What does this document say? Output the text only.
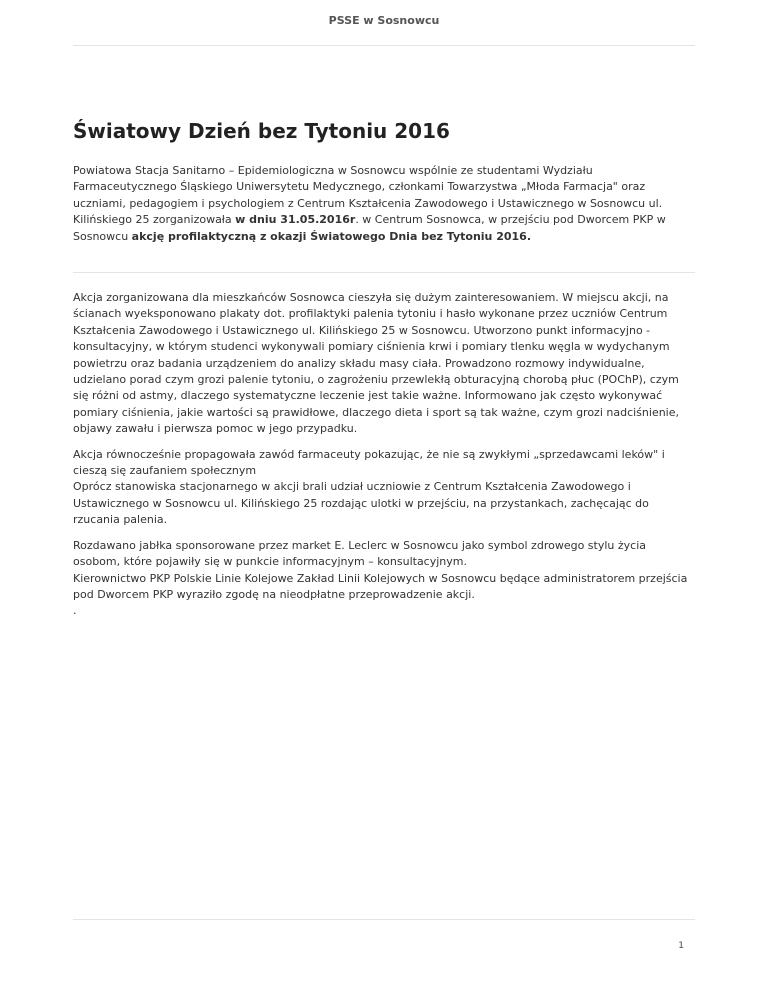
PSSE w Sosnowcu
Światowy Dzień bez Tytoniu 2016

Powiatowa Stacja Sanitarno – Epidemiologiczna w Sosnowcu wspólnie ze studentami Wydziału Farmaceutycznego Śląskiego Uniwersytetu Medycznego, członkami Towarzystwa „Młoda Farmacja" oraz uczniami, pedagogiem i psychologiem z Centrum Kształcenia Zawodowego i Ustawicznego w Sosnowcu ul. Kilińskiego 25 zorganizowała w dniu 31.05.2016r. w Centrum Sosnowca, w przejściu pod Dworcem PKP w Sosnowcu akcję profilaktyczną z okazji Światowego Dnia bez Tytoniu 2016.

Akcja zorganizowana dla mieszkańców Sosnowca cieszyła się dużym zainteresowaniem. W miejscu akcji, na ścianach wyeksponowano plakaty dot. profilaktyki palenia tytoniu i hasło wykonane przez uczniów Centrum Kształcenia Zawodowego i Ustawicznego ul. Kilińskiego 25 w Sosnowcu. Utworzono punkt informacyjno - konsultacyjny, w którym studenci wykonywali pomiary ciśnienia krwi i pomiary tlenku węgla w wydychanym powietrzu oraz badania urządzeniem do analizy składu masy ciała. Prowadzono rozmowy indywidualne, udzielano porad czym grozi palenie tytoniu, o zagrożeniu przewlekłą obturacyjną chorobą płuc (POChP), czym się różni od astmy, dlaczego systematyczne leczenie jest takie ważne. Informowano jak często wykonywać pomiary ciśnienia, jakie wartości są prawidłowe, dlaczego dieta i sport są tak ważne, czym grozi nadciśnienie, objawy zawału i pierwsza pomoc w jego przypadku.

Akcja równocześnie propagowała zawód farmaceuty pokazując, że nie są zwykłymi „sprzedawcami leków" i cieszą się zaufaniem społecznym
Oprócz stanowiska stacjonarnego w akcji brali udział uczniowie z Centrum Kształcenia Zawodowego i Ustawicznego w Sosnowcu ul. Kilińskiego 25 rozdając ulotki w przejściu, na przystankach, zachęcając do rzucania palenia.

Rozdawano jabłka sponsorowane przez market E. Leclerc w Sosnowcu jako symbol zdrowego stylu życia osobom, które pojawiły się w punkcie informacyjnym – konsultacyjnym.
Kierownictwo PKP Polskie Linie Kolejowe Zakład Linii Kolejowych w Sosnowcu będące administratorem przejścia pod Dworcem PKP wyraziło zgodę na nieodpłatne przeprowadzenie akcji.
.

1
